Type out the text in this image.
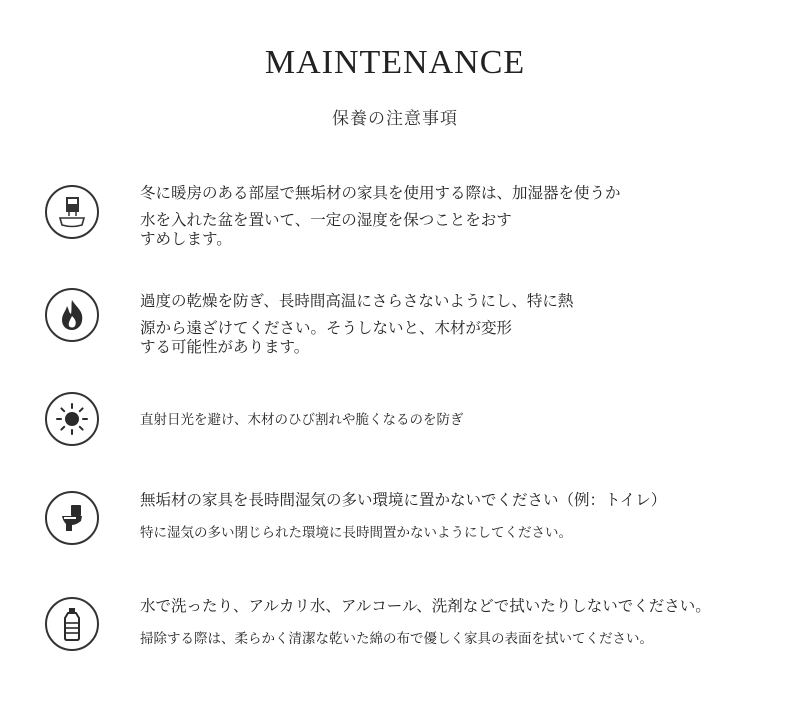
MAINTENANCE
保養の注意事項
冬に暖房のある部屋で無垢材の家具を使用する際は、加湿器を使うか
水を入れた盆を置いて、一定の湿度を保つことをおす
すめします。
過度の乾燥を防ぎ、長時間高温にさらさないようにし、特に熱
源から遠ざけてください。そうしないと、木材が変形
する可能性があります。
直射日光を避け、木材のひび割れや脆くなるのを防ぎ
無垢材の家具を長時間湿気の多い環境に置かないでください（例：トイレ）
特に湿気の多い閉じられた環境に長時間置かないようにしてください。
水で洗ったり、アルカリ水、アルコール、洗剤などで拭いたりしないでください。
掃除する際は、柔らかく清潔な乾いた綿の布で優しく家具の表面を拭いてください。
